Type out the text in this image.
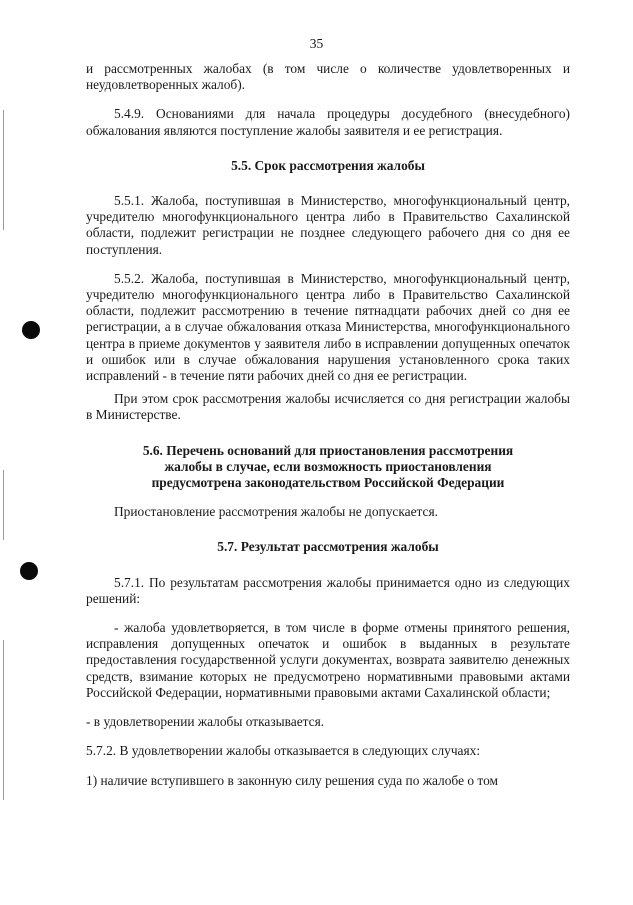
35

и рассмотренных жалобах (в том числе о количестве удовлетворенных и неудовлетворенных жалоб).

5.4.9. Основаниями для начала процедуры досудебного (внесудебного) обжалования являются поступление жалобы заявителя и ее регистрация.

5.5. Срок рассмотрения жалобы

5.5.1. Жалоба, поступившая в Министерство, многофункциональный центр, учредителю многофункционального центра либо в Правительство Сахалинской области, подлежит регистрации не позднее следующего рабочего дня со дня ее поступления.

5.5.2. Жалоба, поступившая в Министерство, многофункциональный центр, учредителю многофункционального центра либо в Правительство Сахалинской области, подлежит рассмотрению в течение пятнадцати рабочих дней со дня ее регистрации, а в случае обжалования отказа Министерства, многофункционального центра в приеме документов у заявителя либо в исправлении допущенных опечаток и ошибок или в случае обжалования нарушения установленного срока таких исправлений - в течение пяти рабочих дней со дня ее регистрации.

При этом срок рассмотрения жалобы исчисляется со дня регистрации жалобы в Министерстве.

5.6. Перечень оснований для приостановления рассмотрения жалобы в случае, если возможность приостановления предусмотрена законодательством Российской Федерации

Приостановление рассмотрения жалобы не допускается.

5.7. Результат рассмотрения жалобы

5.7.1. По результатам рассмотрения жалобы принимается одно из следующих решений:

- жалоба удовлетворяется, в том числе в форме отмены принятого решения, исправления допущенных опечаток и ошибок в выданных в результате предоставления государственной услуги документах, возврата заявителю денежных средств, взимание которых не предусмотрено нормативными правовыми актами Российской Федерации, нормативными правовыми актами Сахалинской области;

- в удовлетворении жалобы отказывается.

5.7.2. В удовлетворении жалобы отказывается в следующих случаях:

1) наличие вступившего в законную силу решения суда по жалобе о том
